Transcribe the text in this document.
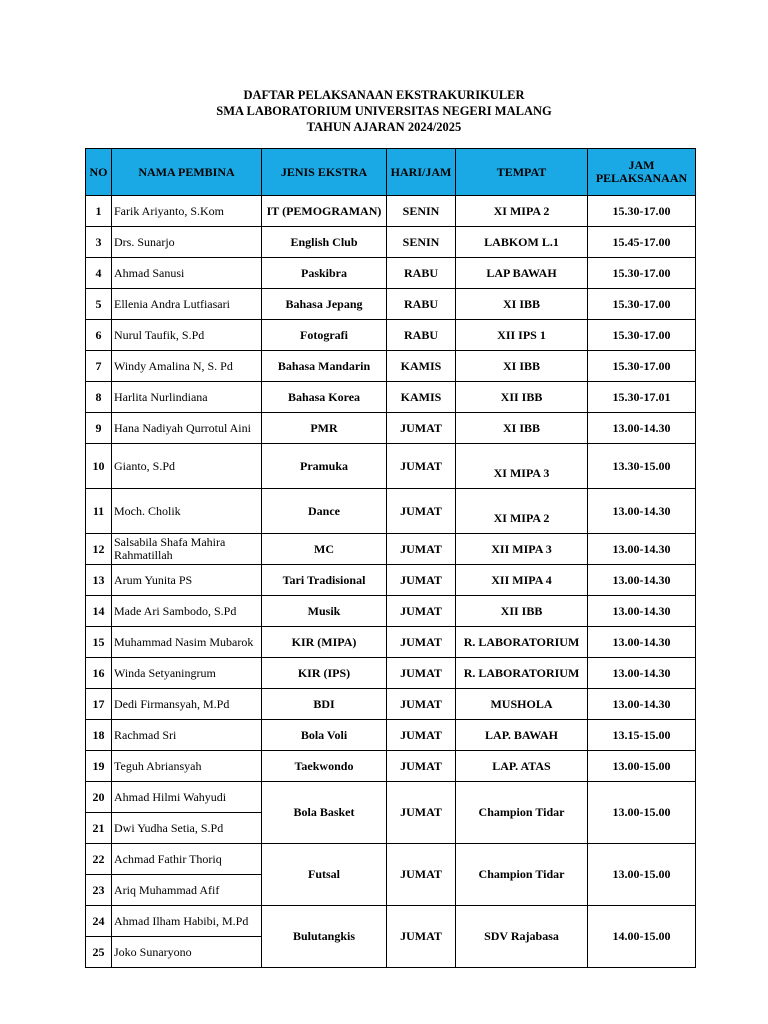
DAFTAR PELAKSANAAN EKSTRAKURIKULER
SMA LABORATORIUM UNIVERSITAS NEGERI MALANG
TAHUN AJARAN 2024/2025
NO	NAMA PEMBINA	JENIS EKSTRA	HARI/JAM	TEMPAT	JAM PELAKSANAAN
1	Farik Ariyanto, S.Kom	IT (PEMOGRAMAN)	SENIN	XI MIPA 2	15.30-17.00
3	Drs. Sunarjo	English Club	SENIN	LABKOM L.1	15.45-17.00
4	Ahmad Sanusi	Paskibra	RABU	LAP BAWAH	15.30-17.00
5	Ellenia Andra Lutfiasari	Bahasa Jepang	RABU	XI IBB	15.30-17.00
6	Nurul Taufik, S.Pd	Fotografi	RABU	XII IPS 1	15.30-17.00
7	Windy Amalina N, S. Pd	Bahasa Mandarin	KAMIS	XI IBB	15.30-17.00
8	Harlita Nurlindiana	Bahasa Korea	KAMIS	XII IBB	15.30-17.01
9	Hana Nadiyah Qurrotul Aini	PMR	JUMAT	XI IBB	13.00-14.30
10	Gianto, S.Pd	Pramuka	JUMAT	XI MIPA 3	13.30-15.00
11	Moch. Cholik	Dance	JUMAT	XI MIPA 2	13.00-14.30
12	Salsabila Shafa Mahira Rahmatillah	MC	JUMAT	XII MIPA 3	13.00-14.30
13	Arum Yunita PS	Tari Tradisional	JUMAT	XII MIPA 4	13.00-14.30
14	Made Ari Sambodo, S.Pd	Musik	JUMAT	XII IBB	13.00-14.30
15	Muhammad Nasim Mubarok	KIR (MIPA)	JUMAT	R. LABORATORIUM	13.00-14.30
16	Winda Setyaningrum	KIR (IPS)	JUMAT	R. LABORATORIUM	13.00-14.30
17	Dedi Firmansyah, M.Pd	BDI	JUMAT	MUSHOLA	13.00-14.30
18	Rachmad Sri	Bola Voli	JUMAT	LAP. BAWAH	13.15-15.00
19	Teguh Abriansyah	Taekwondo	JUMAT	LAP. ATAS	13.00-15.00
20	Ahmad Hilmi Wahyudi	Bola Basket	JUMAT	Champion Tidar	13.00-15.00
21	Dwi Yudha Setia, S.Pd				
22	Achmad Fathir Thoriq	Futsal	JUMAT	Champion Tidar	13.00-15.00
23	Ariq Muhammad Afif				
24	Ahmad Ilham Habibi, M.Pd	Bulutangkis	JUMAT	SDV Rajabasa	14.00-15.00
25	Joko Sunaryono				
